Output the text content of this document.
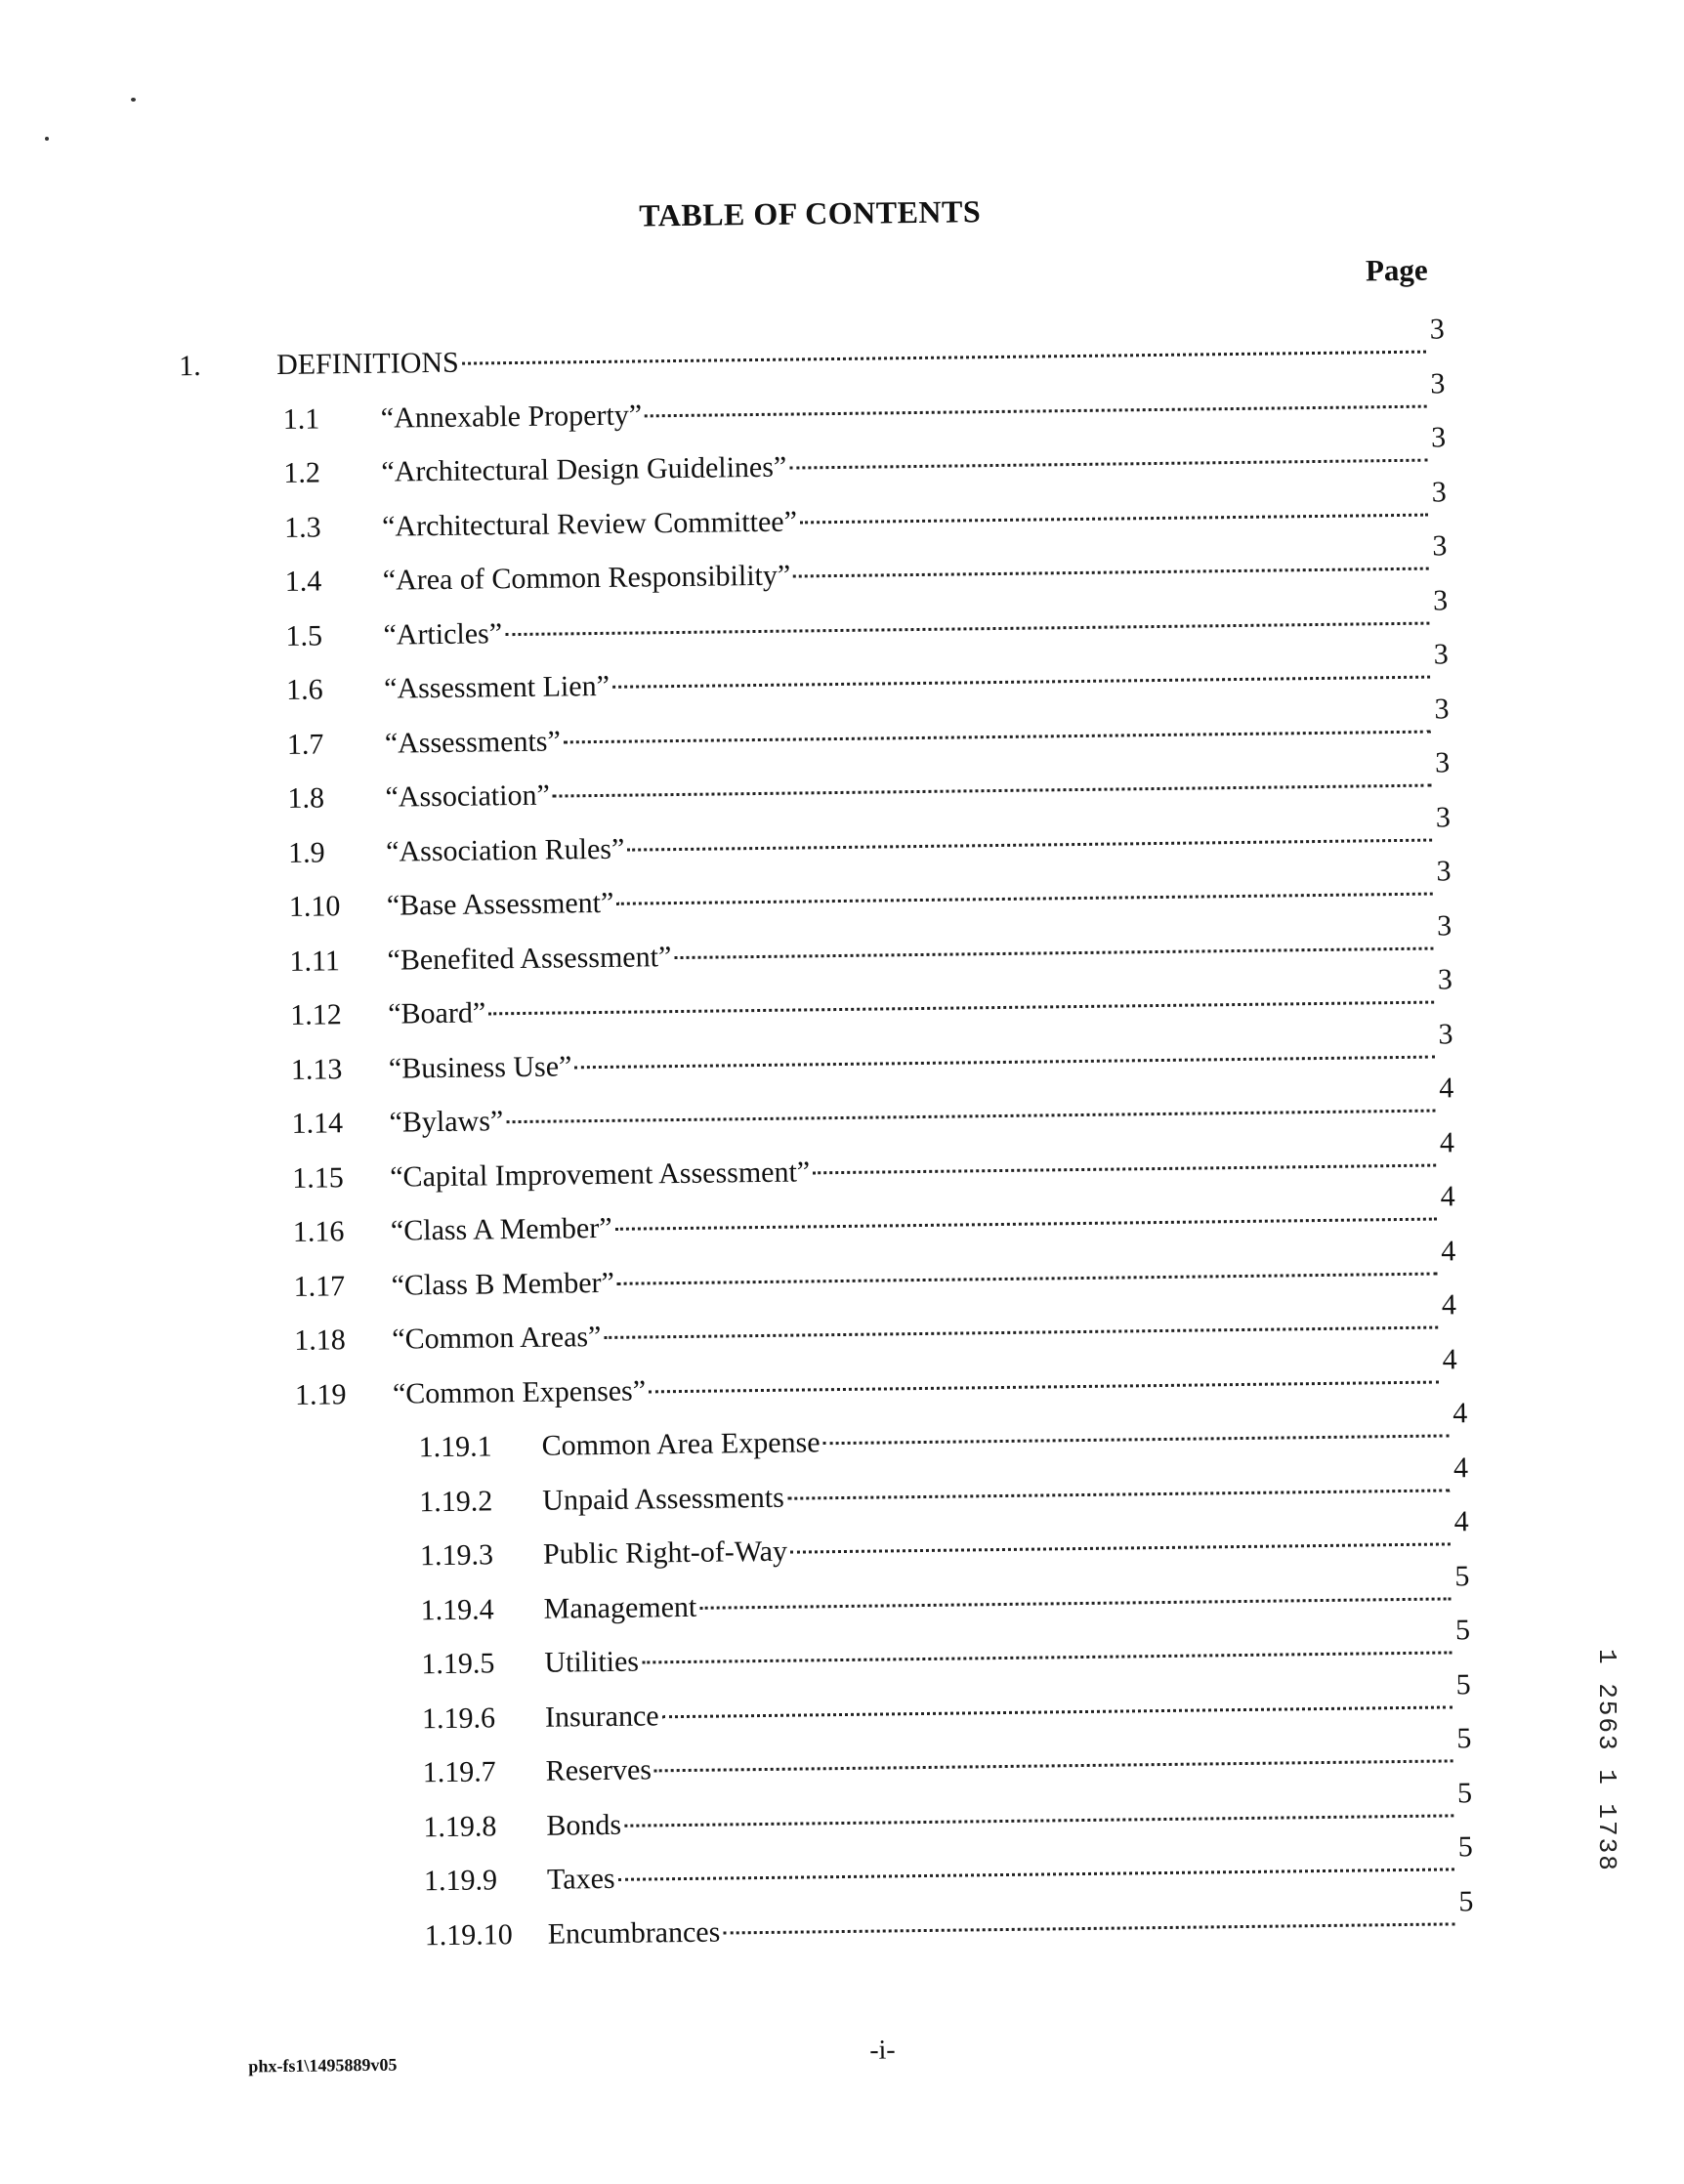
TABLE OF CONTENTS
Page
1.	DEFINITIONS
3
1.1 “Annexable Property”
3
1.2 “Architectural Design Guidelines”
3
1.3 “Architectural Review Committee”
3
1.4 “Area of Common Responsibility”
3
1.5 “Articles”
3
1.6 “Assessment Lien”
3
1.7 “Assessments”
3
1.8 “Association”
3
1.9 “Association Rules”
3
1.10 “Base Assessment”
3
1.11 “Benefited Assessment”
3
1.12 “Board”
3
1.13 “Business Use”
3
1.14 “Bylaws”
4
1.15 “Capital Improvement Assessment”
4
1.16 “Class A Member”
4
1.17 “Class B Member”
4
1.18 “Common Areas”
4
1.19 “Common Expenses”
4
1.19.1 Common Area Expense
4
1.19.2 Unpaid Assessments
4
1.19.3 Public Right-of-Way
4
1.19.4 Management
5
1.19.5 Utilities
5
1.19.6 Insurance
5
1.19.7 Reserves
5
1.19.8 Bonds
5
1.19.9 Taxes
5
1.19.10 Encumbrances
5
phx-fs1\1495889v05	-i-
1 2563 1 1738
